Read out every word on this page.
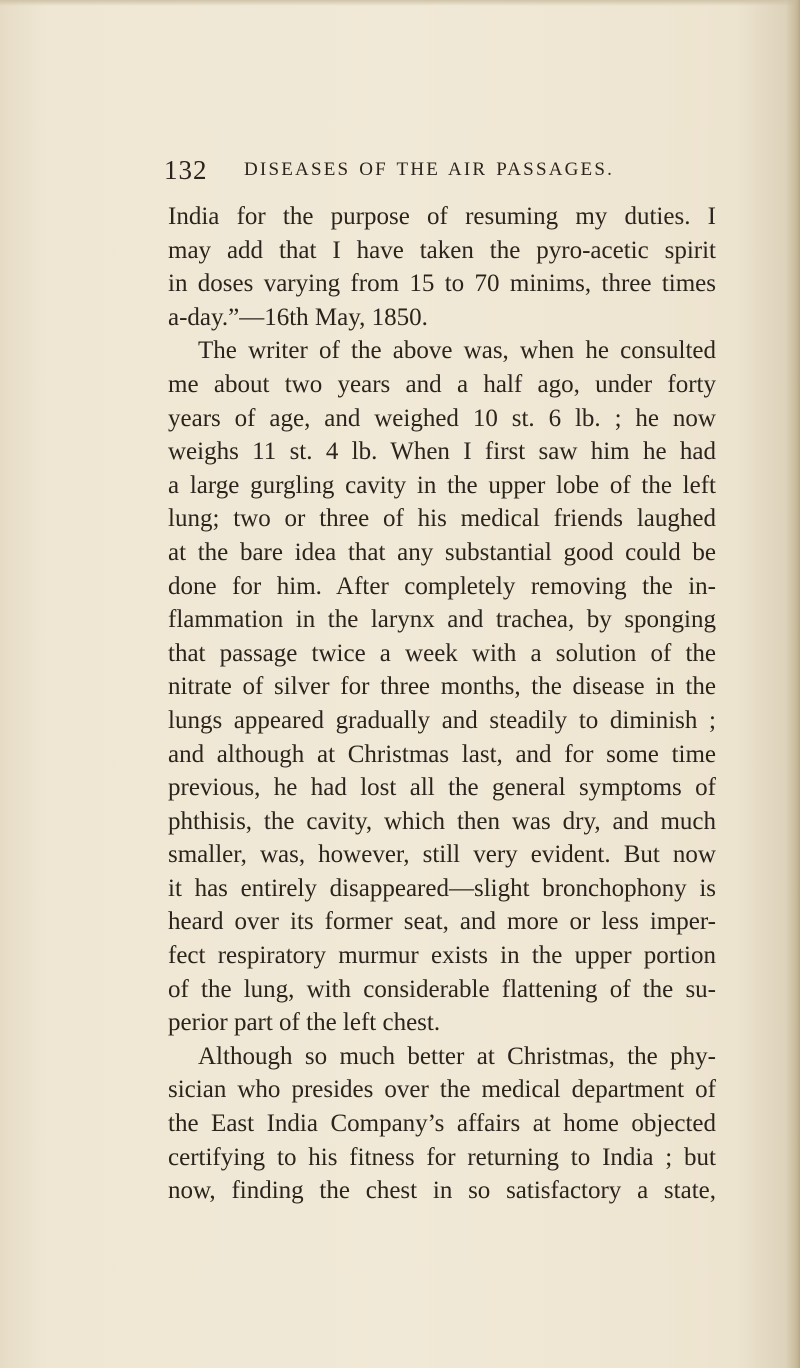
132 DISEASES OF THE AIR PASSAGES.

India for the purpose of resuming my duties. I
may add that I have taken the pyro-acetic spirit
in doses varying from 15 to 70 minims, three times
a-day.”—16th May, 1850.

The writer of the above was, when he consulted
me about two years and a half ago, under forty
years of age, and weighed 10 st. 6 lb. ; he now
weighs 11 st. 4 lb. When I first saw him he had
a large gurgling cavity in the upper lobe of the left
lung; two or three of his medical friends laughed
at the bare idea that any substantial good could be
done for him. After completely removing the in-
flammation in the larynx and trachea, by sponging
that passage twice a week with a solution of the
nitrate of silver for three months, the disease in the
lungs appeared gradually and steadily to diminish ;
and although at Christmas last, and for some time
previous, he had lost all the general symptoms of
phthisis, the cavity, which then was dry, and much
smaller, was, however, still very evident. But now
it has entirely disappeared—slight bronchophony is
heard over its former seat, and more or less imper-
fect respiratory murmur exists in the upper portion
of the lung, with considerable flattening of the su-
perior part of the left chest.

Although so much better at Christmas, the phy-
sician who presides over the medical department of
the East India Company’s affairs at home objected
certifying to his fitness for returning to India ; but
now, finding the chest in so satisfactory a state,
